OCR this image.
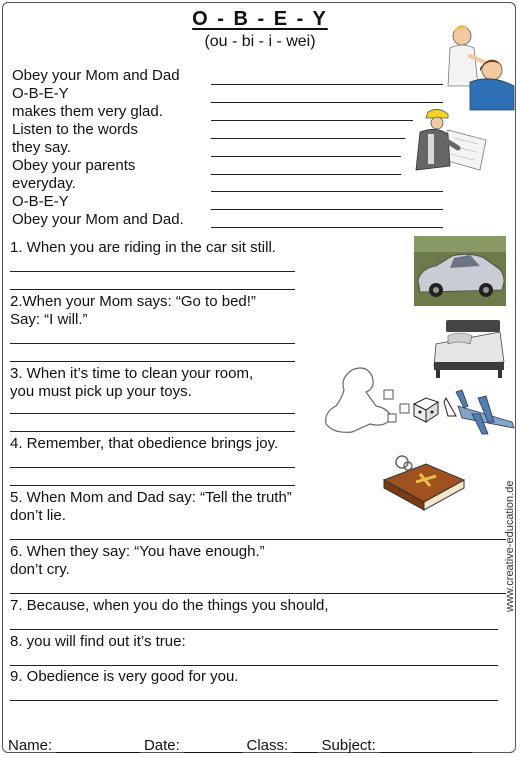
O - B - E - Y
(ou - bi - i - wei)
Obey your Mom and Dad
O-B-E-Y
makes them very glad.
Listen to the words
they say.
Obey your parents
everyday.
O-B-E-Y
Obey your Mom and Dad.
1. When you are riding in the car sit still.
2.When your Mom says: “Go to bed!”
Say: “I will.”
3. When it’s time to clean your room,
you must pick up your toys.
4. Remember, that obedience brings joy.
5. When Mom and Dad say: “Tell the truth”
don’t lie.
6. When they say: “You have enough.”
don’t cry.
7. Because, when you do the things you should,
8. you will find out it’s true:
9. Obedience is very good for you.
Name: __________ Date: _______ Class: ___ Subject: ___________
www.creative-education.de
